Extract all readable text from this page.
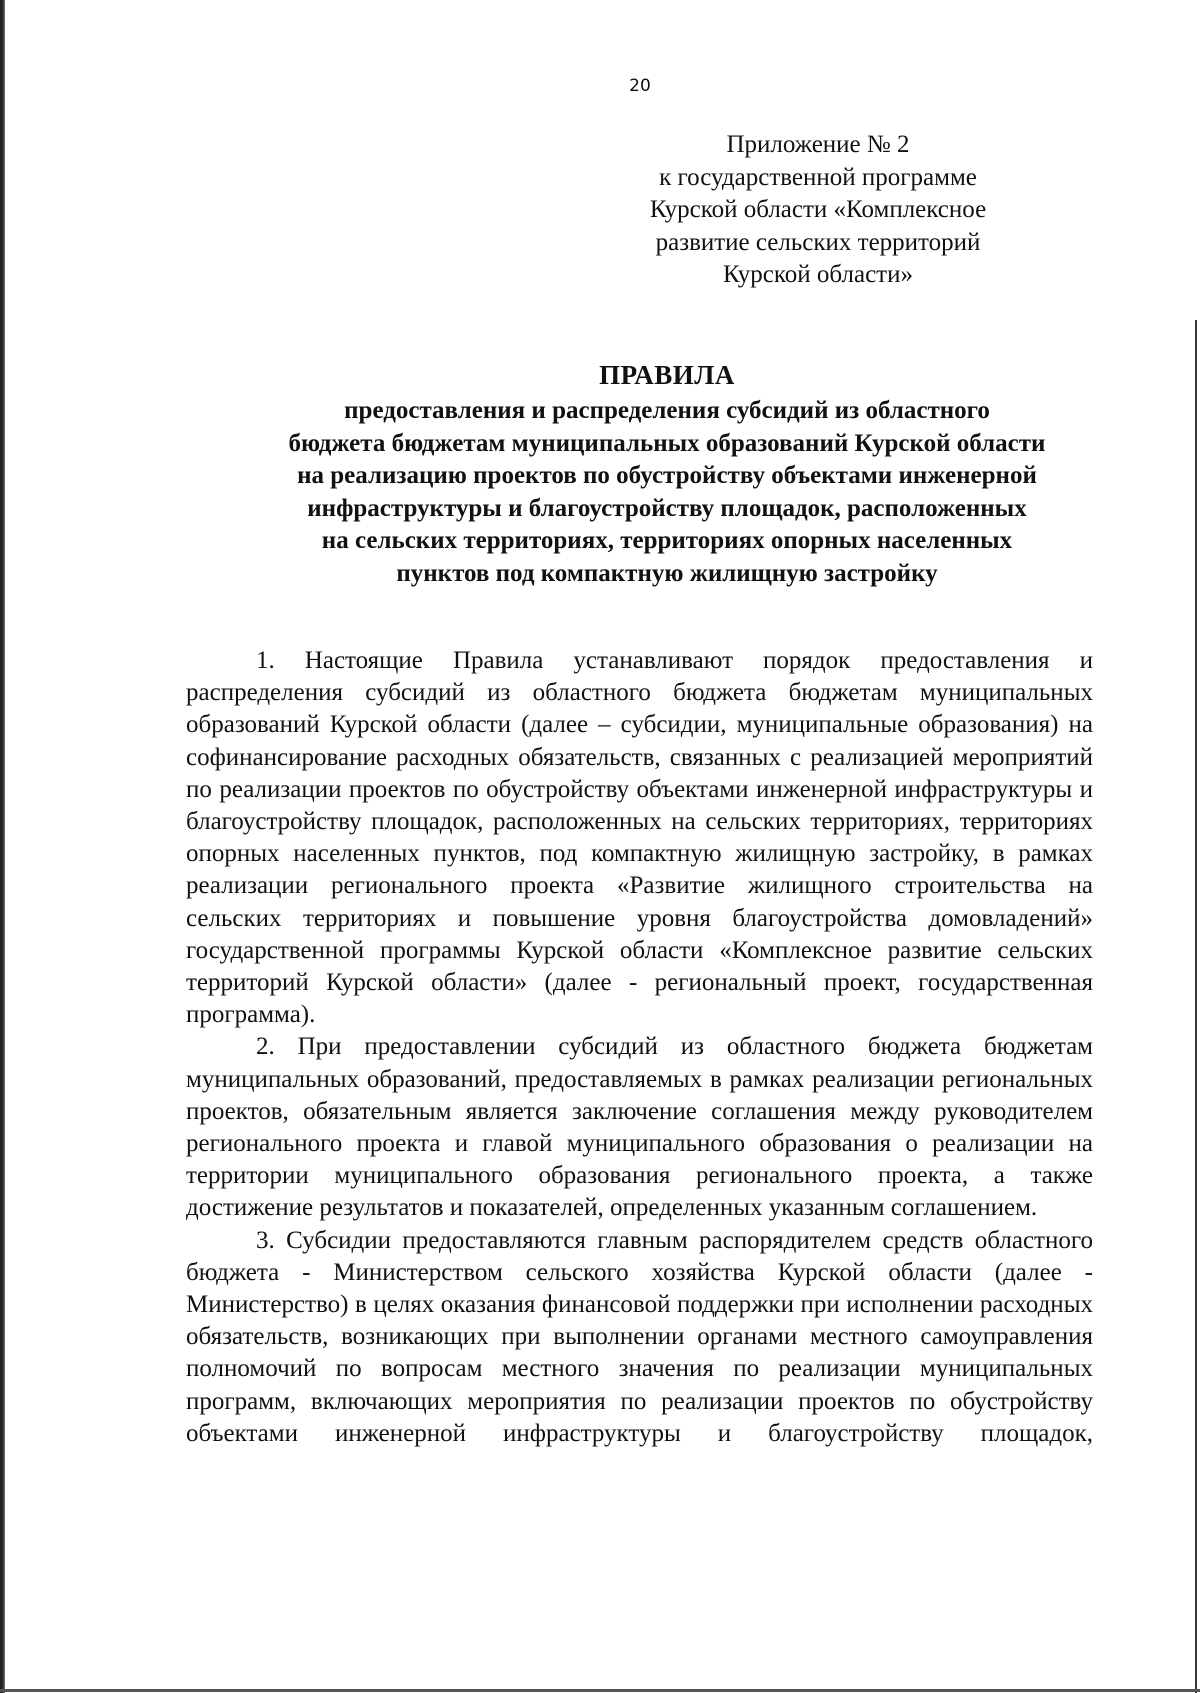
20
Приложение № 2
к государственной программе
Курской области «Комплексное
развитие сельских территорий
Курской области»
ПРАВИЛА
предоставления и распределения субсидий из областного
бюджета бюджетам муниципальных образований Курской области
на реализацию проектов по обустройству объектами инженерной
инфраструктуры и благоустройству площадок, расположенных
на сельских территориях, территориях опорных населенных
пунктов под компактную жилищную застройку

1. Настоящие Правила устанавливают порядок предоставления и распределения субсидий из областного бюджета бюджетам муниципальных образований Курской области (далее – субсидии, муниципальные образования) на софинансирование расходных обязательств, связанных с реализацией мероприятий по реализации проектов по обустройству объектами инженерной инфраструктуры и благоустройству площадок, расположенных на сельских территориях, территориях опорных населенных пунктов, под компактную жилищную застройку, в рамках реализации регионального проекта «Развитие жилищного строительства на сельских территориях и повышение уровня благоустройства домовладений» государственной программы Курской области «Комплексное развитие сельских территорий Курской области» (далее - региональный проект, государственная программа).

2. При предоставлении субсидий из областного бюджета бюджетам муниципальных образований, предоставляемых в рамках реализации региональных проектов, обязательным является заключение соглашения между руководителем регионального проекта и главой муниципального образования о реализации на территории муниципального образования регионального проекта, а также достижение результатов и показателей, определенных указанным соглашением.

3. Субсидии предоставляются главным распорядителем средств областного бюджета - Министерством сельского хозяйства Курской области (далее - Министерство) в целях оказания финансовой поддержки при исполнении расходных обязательств, возникающих при выполнении органами местного самоуправления полномочий по вопросам местного значения по реализации муниципальных программ, включающих мероприятия по реализации проектов по обустройству объектами инженерной инфраструктуры и благоустройству площадок,
